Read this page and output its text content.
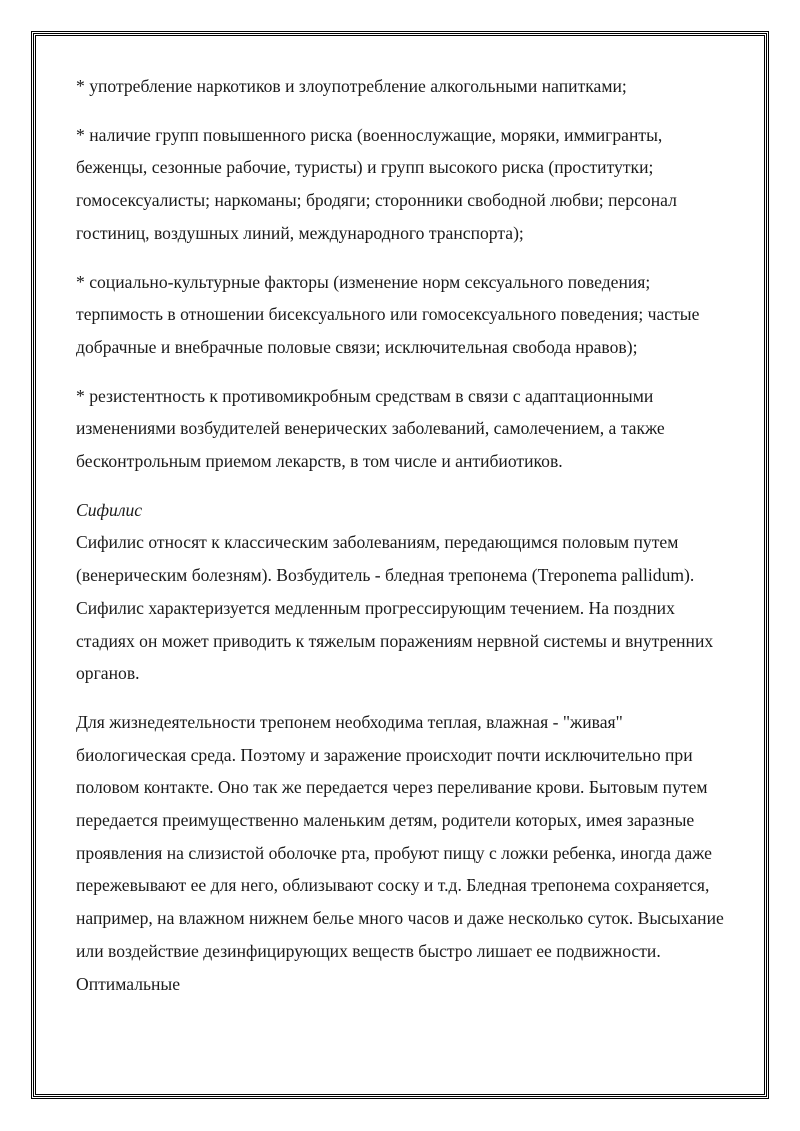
* употребление наркотиков и злоупотребление алкогольными напитками;

* наличие групп повышенного риска (военнослужащие, моряки, иммигранты, беженцы, сезонные рабочие, туристы) и групп высокого риска (проститутки; гомосексуалисты; наркоманы; бродяги; сторонники свободной любви; персонал гостиниц, воздушных линий, международного транспорта);

* социально-культурные факторы (изменение норм сексуального поведения; терпимость в отношении бисексуального или гомосексуального поведения; частые добрачные и внебрачные половые связи; исключительная свобода нравов);

* резистентность к противомикробным средствам в связи с адаптационными изменениями возбудителей венерических заболеваний, самолечением, а также бесконтрольным приемом лекарств, в том числе и антибиотиков.

Сифилис

Сифилис относят к классическим заболеваниям, передающимся половым путем (венерическим болезням). Возбудитель - бледная трепонема (Treponema pallidum). Сифилис характеризуется медленным прогрессирующим течением. На поздних стадиях он может приводить к тяжелым поражениям нервной системы и внутренних органов.

Для жизнедеятельности трепонем необходима теплая, влажная - "живая" биологическая среда. Поэтому и заражение происходит почти исключительно при половом контакте. Оно так же передается через переливание крови. Бытовым путем передается преимущественно маленьким детям, родители которых, имея заразные проявления на слизистой оболочке рта, пробуют пищу с ложки ребенка, иногда даже пережевывают ее для него, облизывают соску и т.д. Бледная трепонема сохраняется, например, на влажном нижнем белье много часов и даже несколько суток. Высыхание или воздействие дезинфицирующих веществ быстро лишает ее подвижности. Оптимальные
